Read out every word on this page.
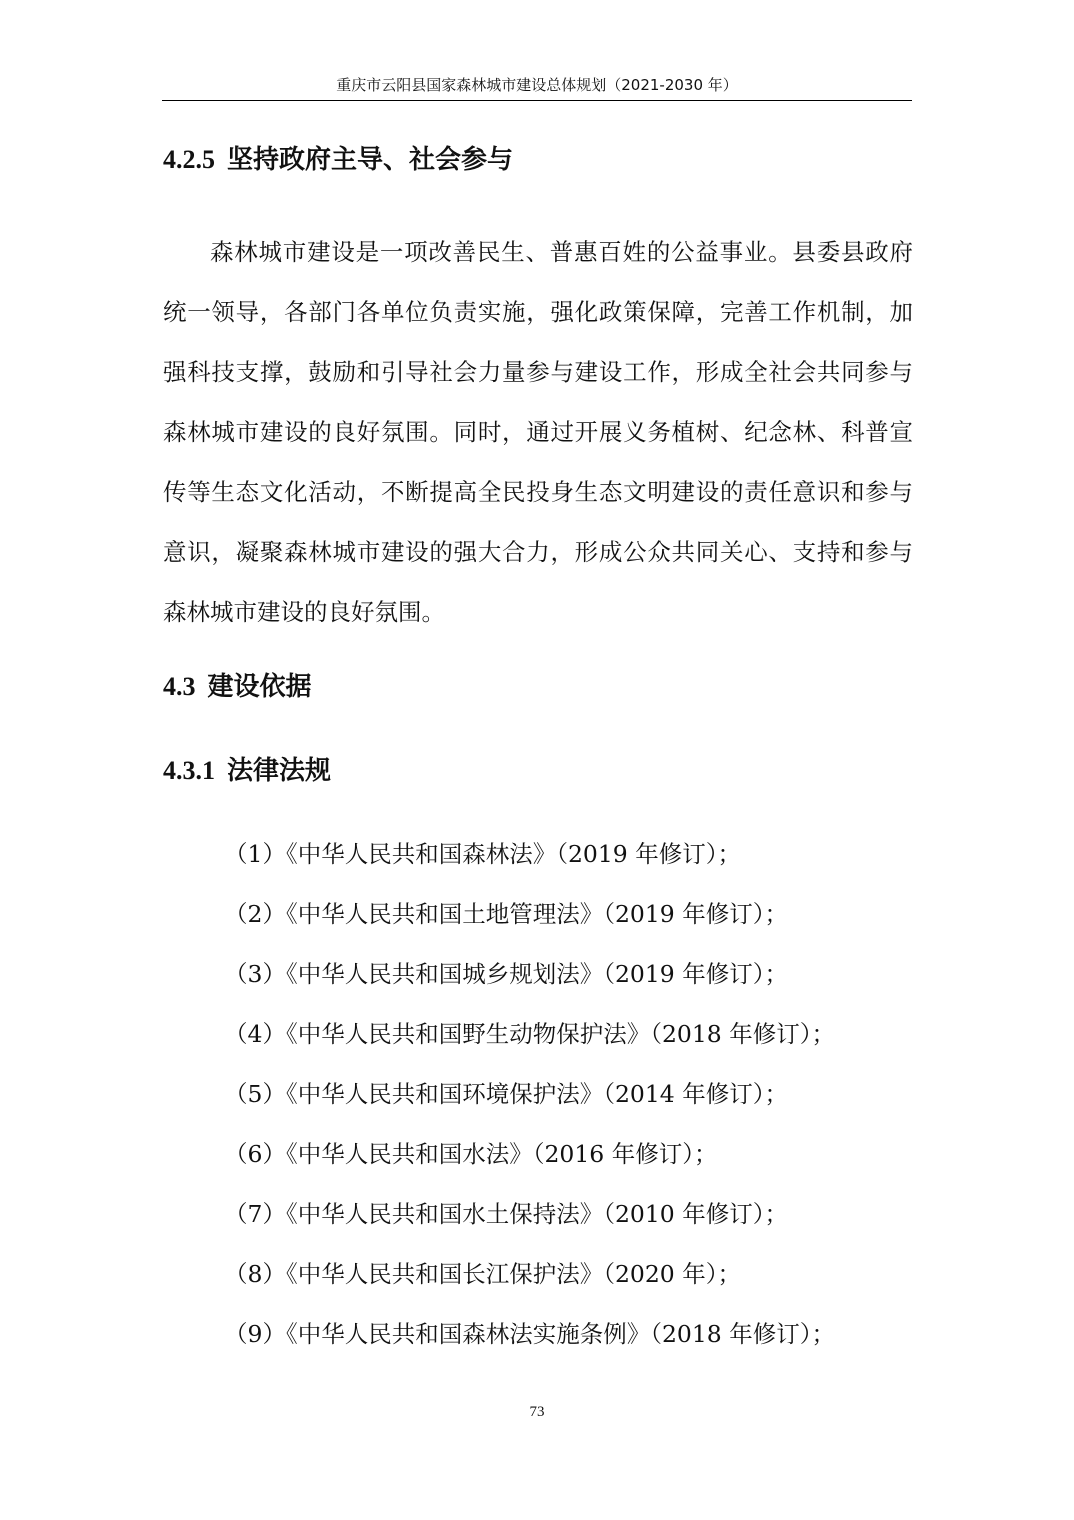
重庆市云阳县国家森林城市建设总体规划（2021-2030 年）
4.2.5 坚持政府主导、社会参与

森林城市建设是一项改善民生、普惠百姓的公益事业。县委县政府统一领导，各部门各单位负责实施，强化政策保障，完善工作机制，加强科技支撑，鼓励和引导社会力量参与建设工作，形成全社会共同参与森林城市建设的良好氛围。同时，通过开展义务植树、纪念林、科普宣传等生态文化活动，不断提高全民投身生态文明建设的责任意识和参与意识，凝聚森林城市建设的强大合力，形成公众共同关心、支持和参与森林城市建设的良好氛围。

4.3 建设依据
4.3.1 法律法规
（1）《中华人民共和国森林法》（2019 年修订）；
（2）《中华人民共和国土地管理法》（2019 年修订）；
（3）《中华人民共和国城乡规划法》（2019 年修订）；
（4）《中华人民共和国野生动物保护法》（2018 年修订）；
（5）《中华人民共和国环境保护法》（2014 年修订）；
（6）《中华人民共和国水法》（2016 年修订）；
（7）《中华人民共和国水土保持法》（2010 年修订）；
（8）《中华人民共和国长江保护法》（2020 年）；
（9）《中华人民共和国森林法实施条例》（2018 年修订）；
73
